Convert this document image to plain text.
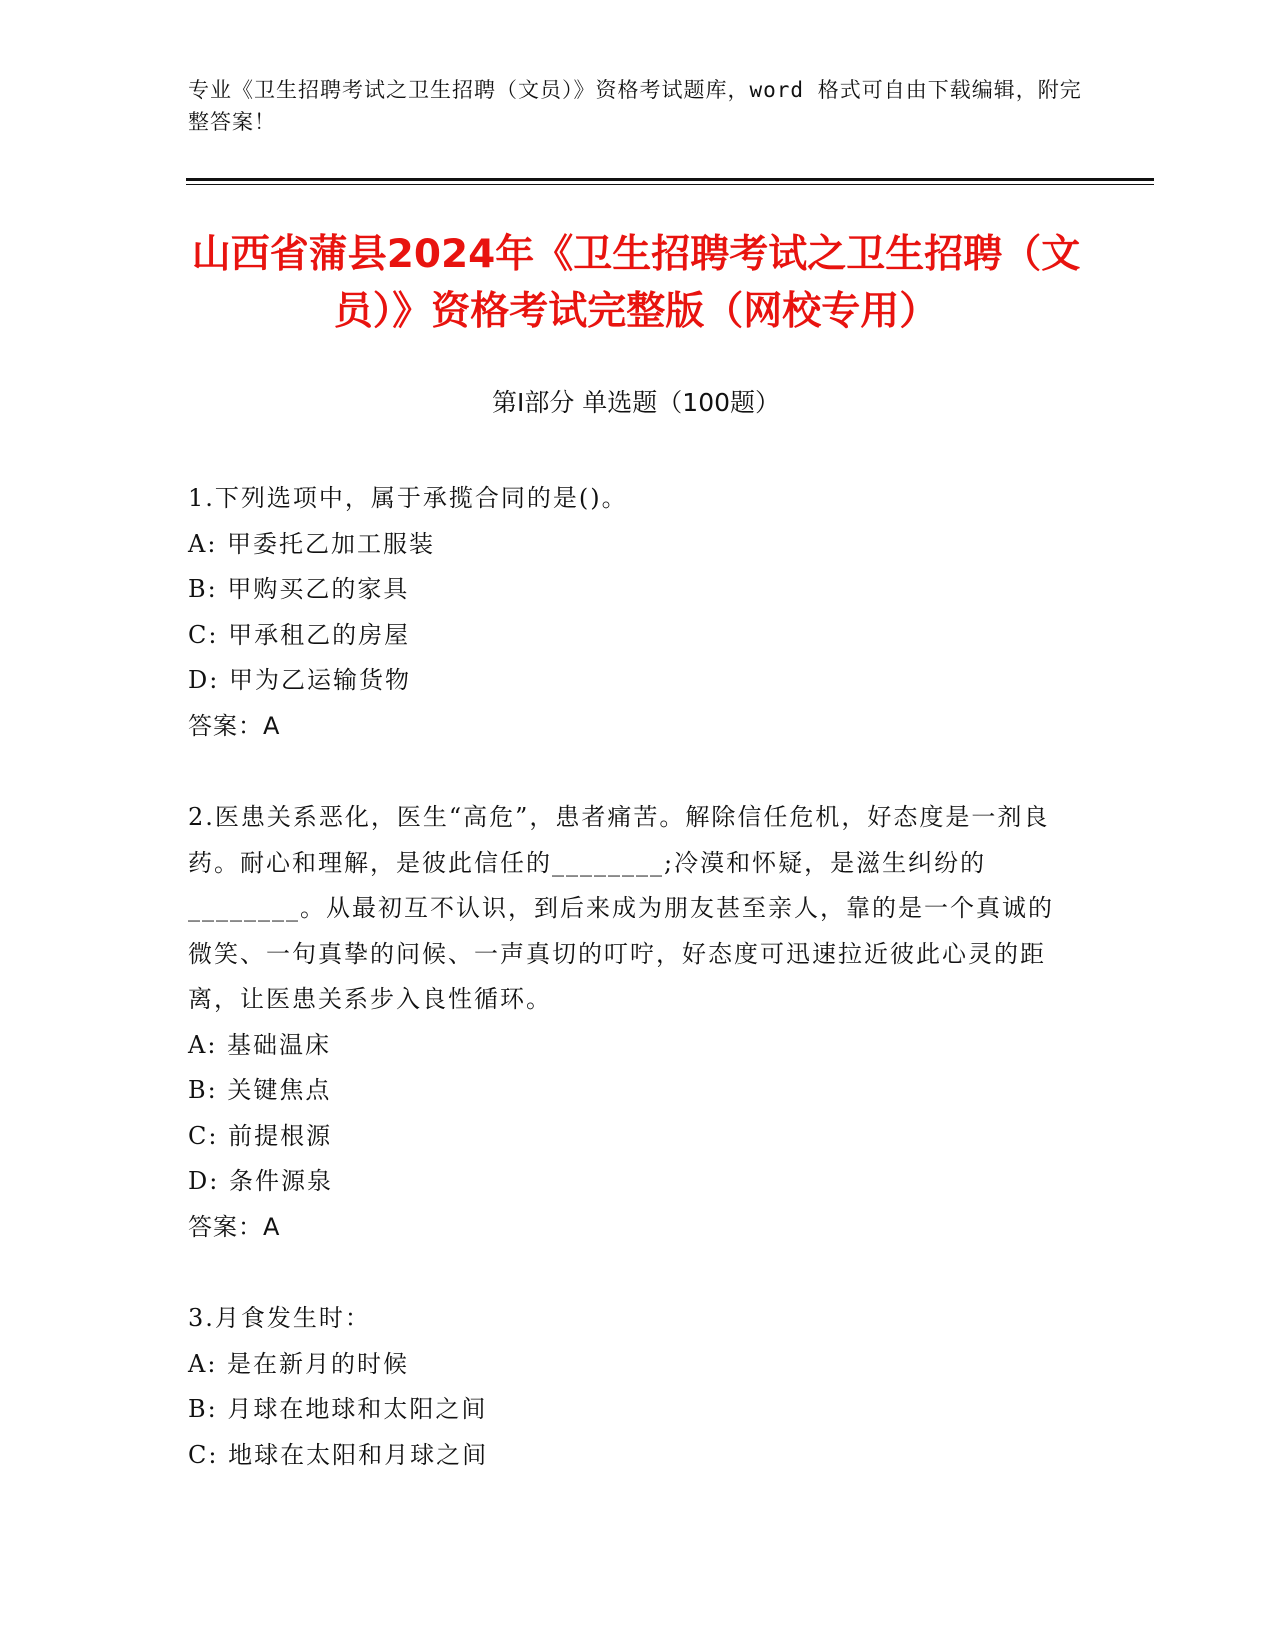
专业《卫生招聘考试之卫生招聘（文员）》资格考试题库，word 格式可自由下载编辑，附完整答案！
山西省蒲县2024年《卫生招聘考试之卫生招聘（文员）》资格考试完整版（网校专用）
第Ⅰ部分 单选题（100题）

1.下列选项中，属于承揽合同的是()。

A: 甲委托乙加工服装

B: 甲购买乙的家具

C: 甲承租乙的房屋

D: 甲为乙运输货物

答案：A

2.医患关系恶化，医生“高危”，患者痛苦。解除信任危机，好态度是一剂良药。耐心和理解，是彼此信任的________;冷漠和怀疑，是滋生纠纷的________。从最初互不认识，到后来成为朋友甚至亲人，靠的是一个真诚的微笑、一句真挚的问候、一声真切的叮咛，好态度可迅速拉近彼此心灵的距离，让医患关系步入良性循环。

A: 基础温床

B: 关键焦点

C: 前提根源

D: 条件源泉

答案：A

3.月食发生时：

A: 是在新月的时候

B: 月球在地球和太阳之间

C: 地球在太阳和月球之间
